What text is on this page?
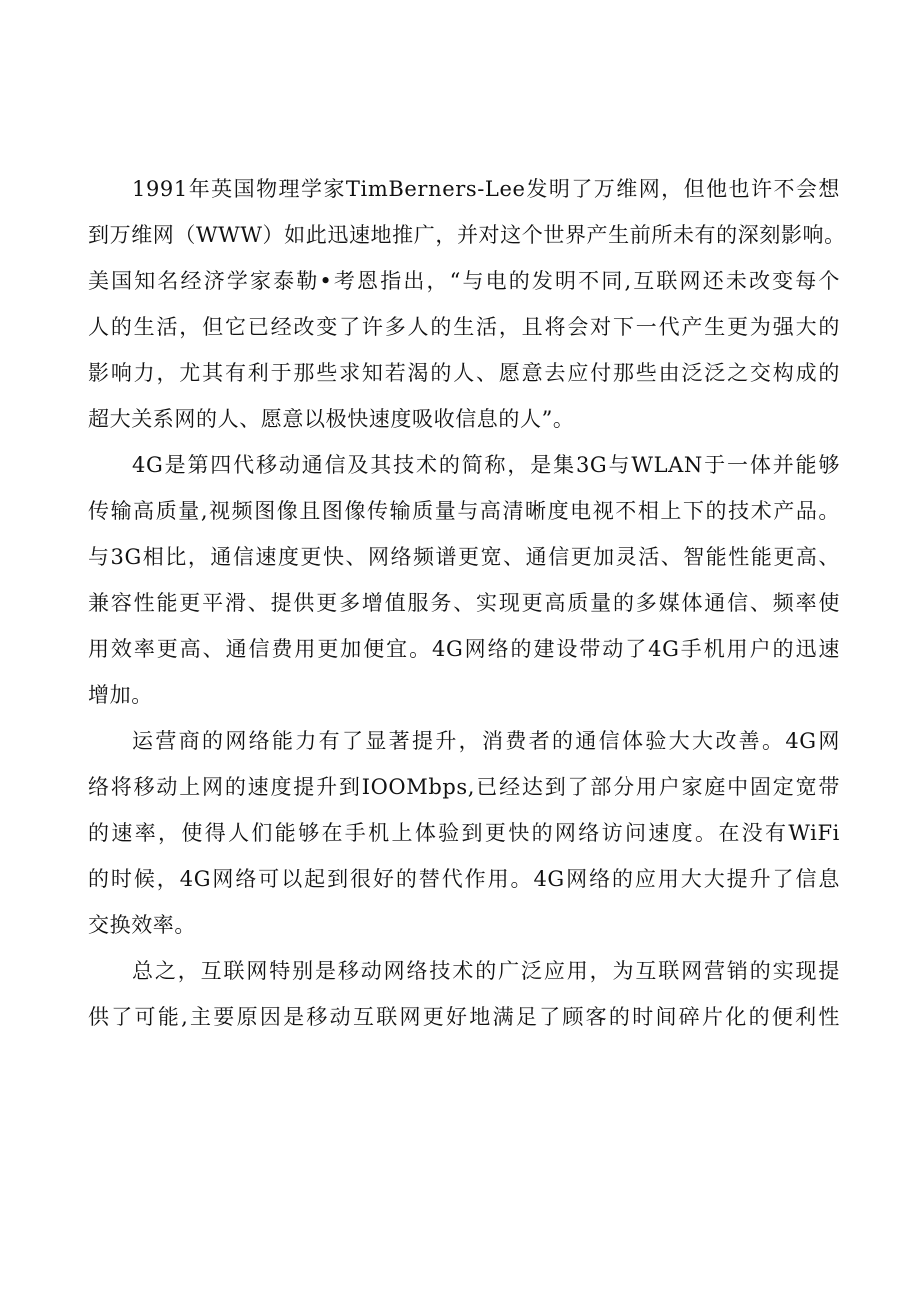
1991年英国物理学家TimBerners-Lee发明了万维网，但他也许不会想
到万维网（WWW）如此迅速地推广，并对这个世界产生前所未有的深刻影响。
美国知名经济学家泰勒•考恩指出，“与电的发明不同,互联网还未改变每个
人的生活，但它已经改变了许多人的生活，且将会对下一代产生更为强大的
影响力，尤其有利于那些求知若渴的人、愿意去应付那些由泛泛之交构成的
超大关系网的人、愿意以极快速度吸收信息的人”。
4G是第四代移动通信及其技术的简称，是集3G与WLAN于一体并能够
传输高质量,视频图像且图像传输质量与高清晰度电视不相上下的技术产品。
与3G相比，通信速度更快、网络频谱更宽、通信更加灵活、智能性能更高、
兼容性能更平滑、提供更多增值服务、实现更高质量的多媒体通信、频率使
用效率更高、通信费用更加便宜。4G网络的建设带动了4G手机用户的迅速
增加。
运营商的网络能力有了显著提升，消费者的通信体验大大改善。4G网
络将移动上网的速度提升到IOOMbps,已经达到了部分用户家庭中固定宽带
的速率，使得人们能够在手机上体验到更快的网络访问速度。在没有WiFi
的时候，4G网络可以起到很好的替代作用。4G网络的应用大大提升了信息
交换效率。
总之，互联网特别是移动网络技术的广泛应用，为互联网营销的实现提
供了可能,主要原因是移动互联网更好地满足了顾客的时间碎片化的便利性
